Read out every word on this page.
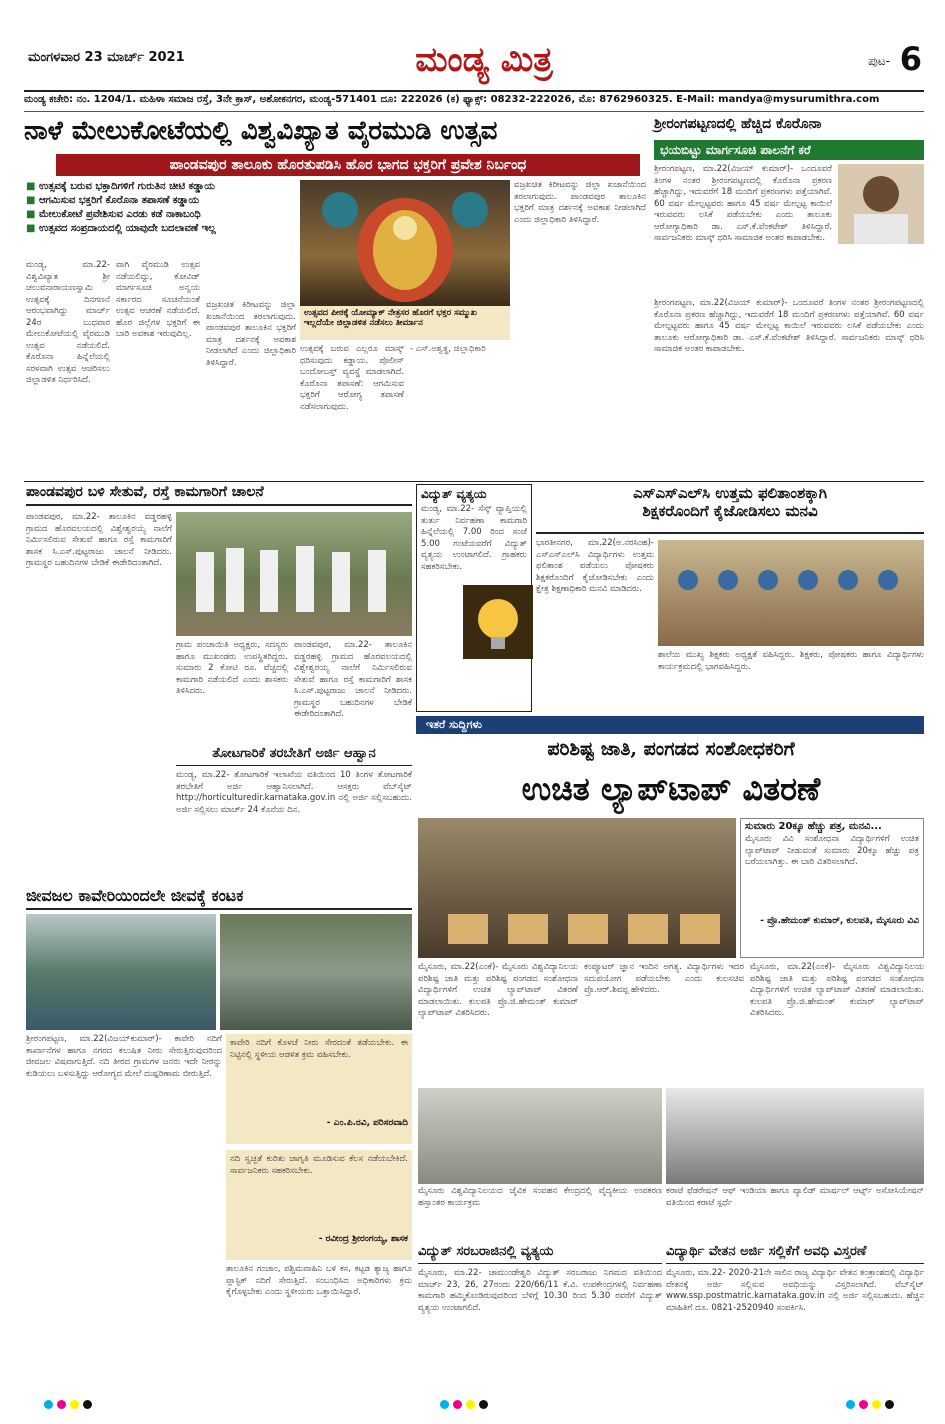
ಮಂಗಳವಾರ 23 ಮಾರ್ಚ್ 2021	ಮಂಡ್ಯ ಮಿತ್ರ	ಪುಟ- 6
ಮಂಡ್ಯ ಕಚೇರಿ: ನಂ. 1204/1. ಮಹಿಳಾ ಸಮಾಜ ರಸ್ತೆ, 3ನೇ ಕ್ರಾಸ್, ಅಶೋಕನಗರ, ಮಂಡ್ಯ-571401 ದೂ: 222026 (ಕ) ಫ್ಯಾಕ್ಸ್: 08232-222026, ಮೊ: 8762960325. E-Mail: mandya@mysurumithra.com
ನಾಳೆ ಮೇಲುಕೋಟೆಯಲ್ಲಿ ವಿಶ್ವವಿಖ್ಯಾತ ವೈರಮುಡಿ ಉತ್ಸವ
ಪಾಂಡವಪುರ ತಾಲೂಕು ಹೊರತುಪಡಿಸಿ ಹೊರ ಭಾಗದ ಭಕ್ತರಿಗೆ ಪ್ರವೇಶ ನಿರ್ಬಂಧ
■ ಉತ್ಸವಕ್ಕೆ ಬರುವ ಭಕ್ತಾದಿಗಳಿಗೆ ಗುರುತಿನ ಚೀಟಿ ಕಡ್ಡಾಯ
■ ಆಗಮಿಸುವ ಭಕ್ತರಿಗೆ ಕೊರೊನಾ ತಪಾಸಣೆ ಕಡ್ಡಾಯ
■ ಮೇಲುಕೋಟೆ ಪ್ರವೇಶಿಸುವ ಎರಡು ಕಡೆ ನಾಕಾಬಂಧಿ
■ ಉತ್ಸವದ ಸಂಪ್ರದಾಯದಲ್ಲಿ ಯಾವುದೇ ಬದಲಾವಣೆ ಇಲ್ಲ
ಮಂಡ್ಯ, ಮಾ.22- ವಿಶ್ವವಿಖ್ಯಾತ ಶ್ರೀ ಚಲುವನಾರಾಯಣಸ್ವಾಮಿ ಉತ್ಸವಕ್ಕೆ ದಿನಗಣನೆ ಆರಂಭವಾಗಿದ್ದು ಮಾರ್ಚ್ 24ರ ಬುಧವಾರ ಮೇಲುಕೋಟೆಯಲ್ಲಿ ವೈರಮುಡಿ ಉತ್ಸವ ನಡೆಯಲಿದೆ. ಕೊರೊನಾ ಹಿನ್ನೆಲೆಯಲ್ಲಿ ಸರಳವಾಗಿ ಉತ್ಸವ ಆಚರಿಸಲು ಜಿಲ್ಲಾಡಳಿತ ನಿರ್ಧರಿಸಿದೆ.
ವಾಗಿ ವೈರಮುಡಿ ಉತ್ಸವ ನಡೆಯಲಿದ್ದು, ಕೋವಿಡ್ ಮಾರ್ಗಸೂಚಿ ಅನ್ವಯ ಸರ್ಕಾರದ ಸೂಚನೆಯಂತೆ ಉತ್ಸವ ಆಚರಣೆ ನಡೆಯಲಿದೆ. ಹೊರ ಜಿಲ್ಲೆಗಳ ಭಕ್ತರಿಗೆ ಈ ಬಾರಿ ಅವಕಾಶ ಇರುವುದಿಲ್ಲ.
ವಜ್ರಖಚಿತ ಕಿರೀಟವನ್ನು ಜಿಲ್ಲಾ ಖಜಾನೆಯಿಂದ ತರಲಾಗುವುದು. ಪಾಂಡವಪುರ ತಾಲೂಕಿನ ಭಕ್ತರಿಗೆ ಮಾತ್ರ ದರ್ಶನಕ್ಕೆ ಅವಕಾಶ ನೀಡಲಾಗಿದೆ ಎಂದು ಜಿಲ್ಲಾಧಿಕಾರಿ ತಿಳಿಸಿದ್ದಾರೆ.
ಉತ್ಸವದ ಪೀಠಕ್ಕೆ ಯೋಮ್ಯಾಕ್ ನೇತ್ರಸರ ಹೊರಗೆ ಭಕ್ತರ ಸಮ್ಮುಖ ಇಲ್ಲದೆಯೇ ಜಿಲ್ಲಾಡಳಿತ ನಡೆಸಲು ತೀರ್ಮಾನ
ಉತ್ಸವಕ್ಕೆ ಬರುವ ಎಲ್ಲರೂ ಮಾಸ್ಕ್ ಧರಿಸುವುದು ಕಡ್ಡಾಯ. ಪೊಲೀಸ್ ಬಂದೋಬಸ್ತ್ ವ್ಯವಸ್ಥೆ ಮಾಡಲಾಗಿದೆ. ಕೊರೊನಾ ತಪಾಸಣೆ: ಆಗಮಿಸುವ ಭಕ್ತರಿಗೆ ಆರೋಗ್ಯ ತಪಾಸಣೆ ನಡೆಸಲಾಗುವುದು.
- ಎಸ್.ಅಶ್ವತ್ಥ, ಜಿಲ್ಲಾಧಿಕಾರಿ
ವಜ್ರಖಚಿತ ಕಿರೀಟವನ್ನು ಜಿಲ್ಲಾ ಖಜಾನೆಯಿಂದ ತರಲಾಗುವುದು. ಪಾಂಡವಪುರ ತಾಲೂಕಿನ ಭಕ್ತರಿಗೆ ಮಾತ್ರ ದರ್ಶನಕ್ಕೆ ಅವಕಾಶ ನೀಡಲಾಗಿದೆ ಎಂದು ಜಿಲ್ಲಾಧಿಕಾರಿ ತಿಳಿಸಿದ್ದಾರೆ.
ಶ್ರೀರಂಗಪಟ್ಟಣದಲ್ಲಿ ಹೆಚ್ಚಿದ ಕೊರೊನಾ
ಭಯಬಿಟ್ಟು ಮಾರ್ಗಸೂಚಿ ಪಾಲನೆಗೆ ಕರೆ
ಶ್ರೀರಂಗಪಟ್ಟಣ, ಮಾ.22(ವಿಜಯ್ ಕುಮಾರ್)- ಒಂದೂವರೆ ತಿಂಗಳ ನಂತರ ಶ್ರೀರಂಗಪಟ್ಟಣದಲ್ಲಿ ಕೊರೊನಾ ಪ್ರಕರಣ ಹೆಚ್ಚಾಗಿದ್ದು, ಇದುವರೆಗೆ 18 ಮಂದಿಗೆ ಪ್ರಕರಣಗಳು ಪತ್ತೆಯಾಗಿವೆ. 60 ವರ್ಷ ಮೇಲ್ಪಟ್ಟವರು ಹಾಗೂ 45 ವರ್ಷ ಮೇಲ್ಪಟ್ಟ ಕಾಯಿಲೆ ಇರುವವರು ಲಸಿಕೆ ಪಡೆಯಬೇಕು ಎಂದು ತಾಲೂಕು ಆರೋಗ್ಯಾಧಿಕಾರಿ ಡಾ. ಎಸ್.ಕೆ.ವೆಂಕಟೇಶ್ ತಿಳಿಸಿದ್ದಾರೆ. ಸಾರ್ವಜನಿಕರು ಮಾಸ್ಕ್ ಧರಿಸಿ ಸಾಮಾಜಿಕ ಅಂತರ ಕಾಪಾಡಬೇಕು.
ಶ್ರೀರಂಗಪಟ್ಟಣ, ಮಾ.22(ವಿಜಯ್ ಕುಮಾರ್)- ಒಂದೂವರೆ ತಿಂಗಳ ನಂತರ ಶ್ರೀರಂಗಪಟ್ಟಣದಲ್ಲಿ ಕೊರೊನಾ ಪ್ರಕರಣ ಹೆಚ್ಚಾಗಿದ್ದು, ಇದುವರೆಗೆ 18 ಮಂದಿಗೆ ಪ್ರಕರಣಗಳು ಪತ್ತೆಯಾಗಿವೆ. 60 ವರ್ಷ ಮೇಲ್ಪಟ್ಟವರು ಹಾಗೂ 45 ವರ್ಷ ಮೇಲ್ಪಟ್ಟ ಕಾಯಿಲೆ ಇರುವವರು ಲಸಿಕೆ ಪಡೆಯಬೇಕು ಎಂದು ತಾಲೂಕು ಆರೋಗ್ಯಾಧಿಕಾರಿ ಡಾ. ಎಸ್.ಕೆ.ವೆಂಕಟೇಶ್ ತಿಳಿಸಿದ್ದಾರೆ. ಸಾರ್ವಜನಿಕರು ಮಾಸ್ಕ್ ಧರಿಸಿ ಸಾಮಾಜಿಕ ಅಂತರ ಕಾಪಾಡಬೇಕು.
ಪಾಂಡವಪುರ ಬಳಿ ಸೇತುವೆ, ರಸ್ತೆ ಕಾಮಗಾರಿಗೆ ಚಾಲನೆ
ಪಾಂಡವಪುರ, ಮಾ.22- ತಾಲೂಕಿನ ವಡ್ಡರಹಳ್ಳಿ ಗ್ರಾಮದ ಹೊರವಲಯದಲ್ಲಿ ವಿಶ್ವೇಶ್ವರಯ್ಯ ನಾಲೆಗೆ ನಿರ್ಮಿಸಲಿರುವ ಸೇತುವೆ ಹಾಗೂ ರಸ್ತೆ ಕಾಮಗಾರಿಗೆ ಶಾಸಕ ಸಿ.ಎಸ್.ಪುಟ್ಟರಾಜು ಚಾಲನೆ ನೀಡಿದರು. ಗ್ರಾಮಸ್ಥರ ಬಹುದಿನಗಳ ಬೇಡಿಕೆ ಈಡೇರಿದಂತಾಗಿದೆ.
ಗ್ರಾಮ ಪಂಚಾಯಿತಿ ಅಧ್ಯಕ್ಷರು, ಸದಸ್ಯರು ಹಾಗೂ ಮುಖಂಡರು ಉಪಸ್ಥಿತರಿದ್ದರು. ಸುಮಾರು 2 ಕೋಟಿ ರೂ. ವೆಚ್ಚದಲ್ಲಿ ಕಾಮಗಾರಿ ನಡೆಯಲಿದೆ ಎಂದು ಶಾಸಕರು ತಿಳಿಸಿದರು.
ಪಾಂಡವಪುರ, ಮಾ.22- ತಾಲೂಕಿನ ವಡ್ಡರಹಳ್ಳಿ ಗ್ರಾಮದ ಹೊರವಲಯದಲ್ಲಿ ವಿಶ್ವೇಶ್ವರಯ್ಯ ನಾಲೆಗೆ ನಿರ್ಮಿಸಲಿರುವ ಸೇತುವೆ ಹಾಗೂ ರಸ್ತೆ ಕಾಮಗಾರಿಗೆ ಶಾಸಕ ಸಿ.ಎಸ್.ಪುಟ್ಟರಾಜು ಚಾಲನೆ ನೀಡಿದರು. ಗ್ರಾಮಸ್ಥರ ಬಹುದಿನಗಳ ಬೇಡಿಕೆ ಈಡೇರಿದಂತಾಗಿದೆ.
ವಿದ್ಯುತ್ ವ್ಯತ್ಯಯ
ಮಂಡ್ಯ, ಮಾ.22- ಸೆಸ್ಕ್ ವ್ಯಾಪ್ತಿಯಲ್ಲಿ ತುರ್ತು ನಿರ್ವಹಣಾ ಕಾಮಗಾರಿ ಹಿನ್ನೆಲೆಯಲ್ಲಿ 7.00 ರಿಂದ ಸಂಜೆ 5.00 ಗಂಟೆಯವರೆಗೆ ವಿದ್ಯುತ್ ವ್ಯತ್ಯಯ ಉಂಟಾಗಲಿದೆ. ಗ್ರಾಹಕರು ಸಹಕರಿಸಬೇಕು.
ಎಸ್‌ಎಸ್‌ಎಲ್‌ಸಿ ಉತ್ತಮ ಫಲಿತಾಂಶಕ್ಕಾಗಿ
ಶಿಕ್ಷಕರೊಂದಿಗೆ ಕೈಜೋಡಿಸಲು ಮನವಿ
ಭಾರತೀನಗರ, ಮಾ.22(ಅ.ನರಸಿಂಹ)- ಎಸ್‌ಎಸ್‌ಎಲ್‌ಸಿ ವಿದ್ಯಾರ್ಥಿಗಳು ಉತ್ತಮ ಫಲಿತಾಂಶ ಪಡೆಯಲು ಪೋಷಕರು ಶಿಕ್ಷಕರೊಂದಿಗೆ ಕೈಜೋಡಿಸಬೇಕು ಎಂದು ಕ್ಷೇತ್ರ ಶಿಕ್ಷಣಾಧಿಕಾರಿ ಮನವಿ ಮಾಡಿದರು.
ಶಾಲೆಯ ಮುಖ್ಯ ಶಿಕ್ಷಕರು ಅಧ್ಯಕ್ಷತೆ ವಹಿಸಿದ್ದರು. ಶಿಕ್ಷಕರು, ಪೋಷಕರು ಹಾಗೂ ವಿದ್ಯಾರ್ಥಿಗಳು ಕಾರ್ಯಕ್ರಮದಲ್ಲಿ ಭಾಗವಹಿಸಿದ್ದರು.
ಇತರೆ ಸುದ್ದಿಗಳು
ಪರಿಶಿಷ್ಟ ಜಾತಿ, ಪಂಗಡದ ಸಂಶೋಧಕರಿಗೆ
ಉಚಿತ ಲ್ಯಾಪ್‌ಟಾಪ್ ವಿತರಣೆ
ಸುಮಾರು 20ಕ್ಕೂ ಹೆಚ್ಚು ಪತ್ರ, ಮನವಿ...
ಮೈಸೂರು ವಿವಿ ಸಂಶೋಧನಾ ವಿದ್ಯಾರ್ಥಿಗಳಿಗೆ ಉಚಿತ ಲ್ಯಾಪ್‌ಟಾಪ್ ನೀಡುವಂತೆ ಸುಮಾರು 20ಕ್ಕೂ ಹೆಚ್ಚು ಪತ್ರ ಬರೆಯಲಾಗಿತ್ತು. ಈ ಬಾರಿ ವಿತರಿಸಲಾಗಿದೆ.
- ಪ್ರೊ.ಹೇಮಂತ್ ಕುಮಾರ್, ಕುಲಪತಿ, ಮೈಸೂರು ವಿವಿ
ಮೈಸೂರು, ಮಾ.22(ಎಂಕೆ)- ಮೈಸೂರು ವಿಶ್ವವಿದ್ಯಾನಿಲಯ ಪರಿಶಿಷ್ಟ ಜಾತಿ ಮತ್ತು ಪರಿಶಿಷ್ಟ ಪಂಗಡದ ಸಂಶೋಧನಾ ವಿದ್ಯಾರ್ಥಿಗಳಿಗೆ ಉಚಿತ ಲ್ಯಾಪ್‌ಟಾಪ್ ವಿತರಣೆ ಮಾಡಲಾಯಿತು. ಕುಲಪತಿ ಪ್ರೊ.ಜಿ.ಹೇಮಂತ್ ಕುಮಾರ್ ಲ್ಯಾಪ್‌ಟಾಪ್ ವಿತರಿಸಿದರು.
ಕಂಪ್ಯೂಟರ್ ಜ್ಞಾನ ಇಂದಿನ ಅಗತ್ಯ. ವಿದ್ಯಾರ್ಥಿಗಳು ಇದರ ಸದುಪಯೋಗ ಪಡೆಯಬೇಕು ಎಂದು ಕುಲಸಚಿವ ಪ್ರೊ.ಆರ್.ಶಿವಪ್ಪ ಹೇಳಿದರು.
ಮೈಸೂರು, ಮಾ.22(ಎಂಕೆ)- ಮೈಸೂರು ವಿಶ್ವವಿದ್ಯಾನಿಲಯ ಪರಿಶಿಷ್ಟ ಜಾತಿ ಮತ್ತು ಪರಿಶಿಷ್ಟ ಪಂಗಡದ ಸಂಶೋಧನಾ ವಿದ್ಯಾರ್ಥಿಗಳಿಗೆ ಉಚಿತ ಲ್ಯಾಪ್‌ಟಾಪ್ ವಿತರಣೆ ಮಾಡಲಾಯಿತು. ಕುಲಪತಿ ಪ್ರೊ.ಜಿ.ಹೇಮಂತ್ ಕುಮಾರ್ ಲ್ಯಾಪ್‌ಟಾಪ್ ವಿತರಿಸಿದರು.
ಮೈಸೂರು ವಿಶ್ವವಿದ್ಯಾನಿಲಯದ ಜೈವಿಕ ಸಂವಹನ ಕೇಂದ್ರದಲ್ಲಿ ವೈದ್ಯಕೀಯ ಉಪಕರಣ ಹಸ್ತಾಂತರ ಕಾರ್ಯಕ್ರಮ
ಕರಾಟೆ ಫೆಡರೇಷನ್ ಆಫ್ ಇಂಡಿಯಾ ಹಾಗೂ ವ್ಯಾಲಿಡ್ ಮಾರ್ಷಲ್ ಆರ್ಟ್ಸ್ ಅಸೋಸಿಯೇಷನ್ ವತಿಯಿಂದ ಕರಾಟೆ ಸ್ಪರ್ಧೆ
ತೋಟಗಾರಿಕೆ ತರಬೇತಿಗೆ ಅರ್ಜಿ ಆಹ್ವಾನ
ಮಂಡ್ಯ, ಮಾ.22- ತೋಟಗಾರಿಕೆ ಇಲಾಖೆಯ ವತಿಯಿಂದ 10 ತಿಂಗಳ ತೋಟಗಾರಿಕೆ ತರಬೇತಿಗೆ ಅರ್ಜಿ ಆಹ್ವಾನಿಸಲಾಗಿದೆ. ಆಸಕ್ತರು ವೆಬ್‌ಸೈಟ್ http://horticulturedir.karnataka.gov.in ನಲ್ಲಿ ಅರ್ಜಿ ಸಲ್ಲಿಸಬಹುದು. ಅರ್ಜಿ ಸಲ್ಲಿಸಲು ಮಾರ್ಚ್ 24 ಕೊನೆಯ ದಿನ.
ಜೀವಜಲ ಕಾವೇರಿಯಿಂದಲೇ ಜೀವಕ್ಕೆ ಕಂಟಕ
ಶ್ರೀರಂಗಪಟ್ಟಣ, ಮಾ.22(ವಿಜಯ್‌ಕುಮಾರ್)- ಕಾವೇರಿ ನದಿಗೆ ಕಾರ್ಖಾನೆಗಳ ಹಾಗೂ ನಗರದ ಕಲುಷಿತ ನೀರು ಸೇರುತ್ತಿರುವುದರಿಂದ ಜೀವಜಲ ವಿಷವಾಗುತ್ತಿದೆ. ನದಿ ತೀರದ ಗ್ರಾಮಗಳ ಜನರು ಇದೇ ನೀರನ್ನು ಕುಡಿಯಲು ಬಳಸುತ್ತಿದ್ದು ಆರೋಗ್ಯದ ಮೇಲೆ ದುಷ್ಪರಿಣಾಮ ಬೀರುತ್ತಿದೆ.
ಕಾವೇರಿ ನದಿಗೆ ಕೊಳಚೆ ನೀರು ಸೇರದಂತೆ ತಡೆಯಬೇಕು. ಈ ನಿಟ್ಟಿನಲ್ಲಿ ಸ್ಥಳೀಯ ಆಡಳಿತ ಕ್ರಮ ವಹಿಸಬೇಕು.
- ಎಂ.ಪಿ.ರವಿ, ಪರಿಸರವಾದಿ
ನದಿ ಸ್ವಚ್ಛತೆ ಕುರಿತು ಜಾಗೃತಿ ಮೂಡಿಸುವ ಕೆಲಸ ನಡೆಯಬೇಕಿದೆ. ಸಾರ್ವಜನಿಕರು ಸಹಕರಿಸಬೇಕು.
- ರವೀಂದ್ರ ಶ್ರೀರಂಗಯ್ಯ, ಶಾಸಕ
ತಾಲೂಕಿನ ಗಂಜಾಂ, ಪಶ್ಚಿಮವಾಹಿನಿ ಬಳಿ ಕಸ, ಕಟ್ಟಡ ತ್ಯಾಜ್ಯ ಹಾಗೂ ಪ್ಲಾಸ್ಟಿಕ್ ನದಿಗೆ ಸೇರುತ್ತಿದೆ. ಸಂಬಂಧಿಸಿದ ಅಧಿಕಾರಿಗಳು ಕ್ರಮ ಕೈಗೊಳ್ಳಬೇಕು ಎಂದು ಸ್ಥಳೀಯರು ಒತ್ತಾಯಿಸಿದ್ದಾರೆ.
ವಿದ್ಯುತ್ ಸರಬರಾಜಿನಲ್ಲಿ ವ್ಯತ್ಯಯ
ಮೈಸೂರು, ಮಾ.22- ಚಾಮುಂಡೇಶ್ವರಿ ವಿದ್ಯುತ್ ಸರಬರಾಜು ನಿಗಮದ ವತಿಯಿಂದ ಮಾರ್ಚ್ 23, 26, 27ರಂದು 220/66/11 ಕೆ.ವಿ. ಉಪಕೇಂದ್ರಗಳಲ್ಲಿ ನಿರ್ವಹಣಾ ಕಾಮಗಾರಿ ಹಮ್ಮಿಕೊಂಡಿರುವುದರಿಂದ ಬೆಳಿಗ್ಗೆ 10.30 ರಿಂದ 5.30 ರವರೆಗೆ ವಿದ್ಯುತ್ ವ್ಯತ್ಯಯ ಉಂಟಾಗಲಿದೆ.
ವಿದ್ಯಾರ್ಥಿ ವೇತನ ಅರ್ಜಿ ಸಲ್ಲಿಕೆಗೆ ಅವಧಿ ವಿಸ್ತರಣೆ
ಮೈಸೂರು, ಮಾ.22- 2020-21ನೇ ಸಾಲಿನ ರಾಜ್ಯ ವಿದ್ಯಾರ್ಥಿ ವೇತನ ತಂತ್ರಾಂಶದಲ್ಲಿ ವಿದ್ಯಾರ್ಥಿ ವೇತನಕ್ಕೆ ಅರ್ಜಿ ಸಲ್ಲಿಸುವ ಅವಧಿಯನ್ನು ವಿಸ್ತರಿಸಲಾಗಿದೆ. ವೆಬ್‌ಸೈಟ್ www.ssp.postmatric.karnataka.gov.in ನಲ್ಲಿ ಅರ್ಜಿ ಸಲ್ಲಿಸಬಹುದು. ಹೆಚ್ಚಿನ ಮಾಹಿತಿಗೆ ದೂ. 0821-2520940 ಸಂಪರ್ಕಿಸಿ.
